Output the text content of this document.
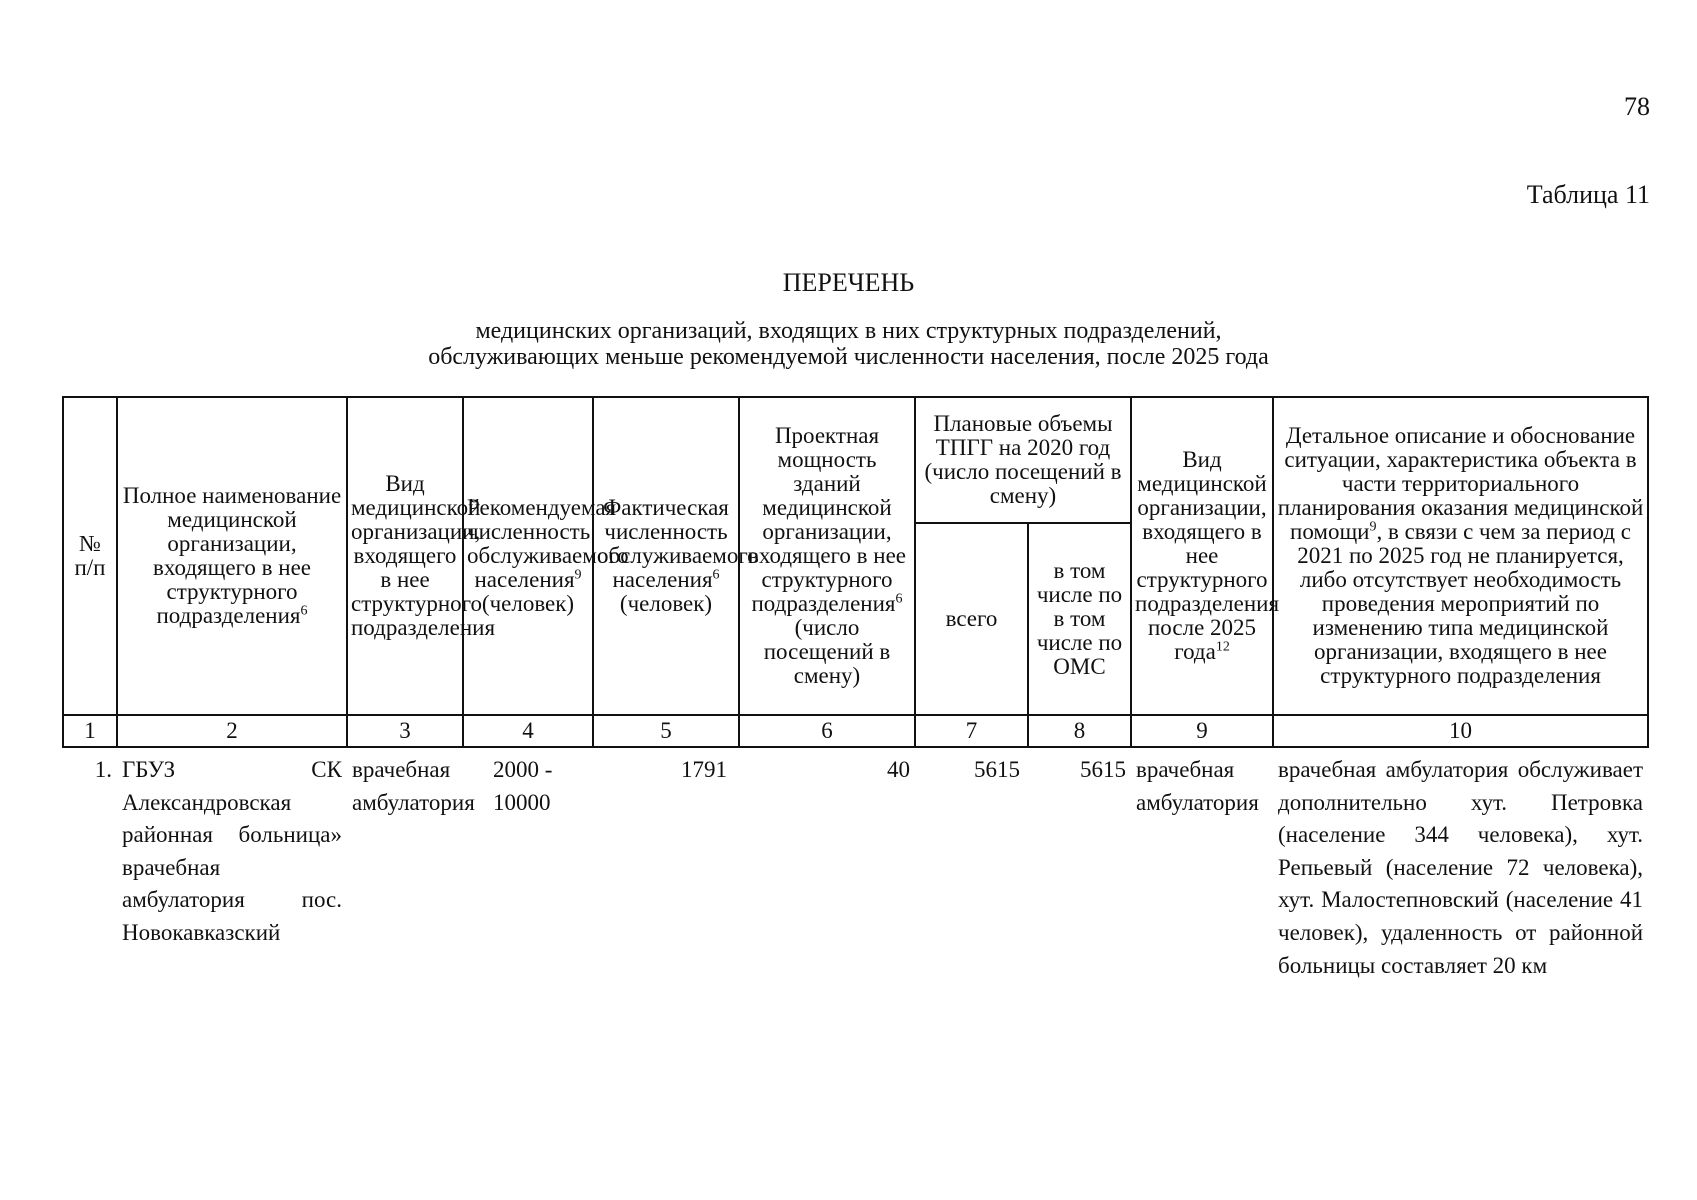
78
Таблица 11
ПЕРЕЧЕНЬ
медицинских организаций, входящих в них структурных подразделений,
обслуживающих меньше рекомендуемой численности населения, после 2025 года
№ п/п	Полное наименование медицинской организации, входящего в нее структурного подразделения$^6$	Вид медицинской организации, входящего в нее структурного подразделения	Рекомендуемая численность обслуживаемого населения$^9$ (человек)	Фактическая численность обслуживаемого населения$^6$ (человек)	Проектная мощность зданий медицинской организации, входящего в нее структурного подразделения$^6$ (число посещений в смену)	Плановые объемы ТПГГ на 2020 год (число посещений в смену)		Вид медицинской организации, входящего в нее структурного подразделения после 2025 года$^{12}$	Детальное описание и обоснование ситуации, характеристика объекта в части территориального планирования оказания медицинской помощи$^9$, в связи с чем за период с 2021 по 2025 год не планируется, либо отсутствует необходимость проведения мероприятий по изменению типа медицинской организации, входящего в нее структурного подразделения
						всего	в том числе по в том числе по ОМС		
1	2	3	4	5	6	7	8	9	10
1.	ГБУЗ СК Александровская районная больница» врачебная амбулатория пос. Новокавказский	врачебная амбулатория	2000 - 10000	1791	40	5615	5615	врачебная амбулатория	врачебная амбулатория обслуживает дополнительно хут. Петровка (население 344 человека), хут. Репьевый (население 72 человека), хут. Малостепновский (население 41 человек), удаленность от районной больницы составляет 20 км
